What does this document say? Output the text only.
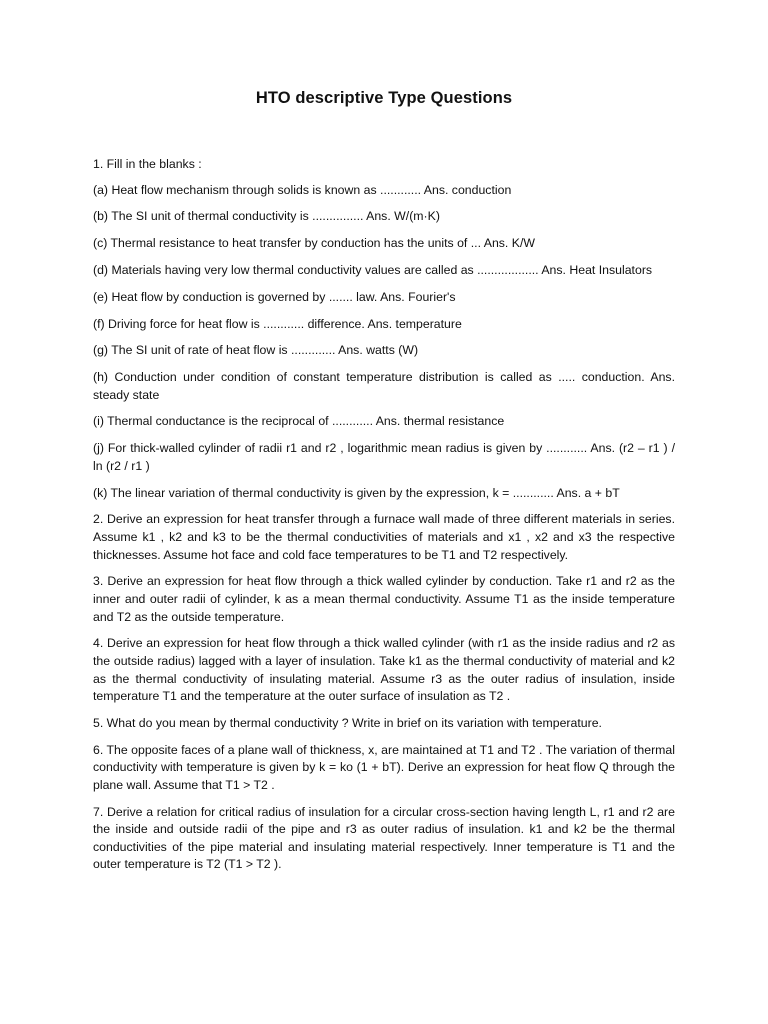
HTO descriptive Type Questions

1. Fill in the blanks :

(a) Heat flow mechanism through solids is known as ............ Ans. conduction

(b) The SI unit of thermal conductivity is ............... Ans. W/(m·K)

(c) Thermal resistance to heat transfer by conduction has the units of ... Ans. K/W

(d) Materials having very low thermal conductivity values are called as .................. Ans. Heat Insulators

(e) Heat flow by conduction is governed by ....... law. Ans. Fourier's

(f) Driving force for heat flow is ............ difference. Ans. temperature

(g) The SI unit of rate of heat flow is ............. Ans. watts (W)

(h) Conduction under condition of constant temperature distribution is called as ..... conduction. Ans. steady state

(i) Thermal conductance is the reciprocal of ............ Ans. thermal resistance

(j) For thick-walled cylinder of radii r1 and r2 , logarithmic mean radius is given by ............ Ans. (r2 – r1 ) / ln (r2 / r1 )

(k) The linear variation of thermal conductivity is given by the expression, k = ............ Ans. a + bT

2. Derive an expression for heat transfer through a furnace wall made of three different materials in series. Assume k1 , k2 and k3 to be the thermal conductivities of materials and x1 , x2 and x3 the respective thicknesses. Assume hot face and cold face temperatures to be T1 and T2 respectively.

3. Derive an expression for heat flow through a thick walled cylinder by conduction. Take r1 and r2 as the inner and outer radii of cylinder, k as a mean thermal conductivity. Assume T1 as the inside temperature and T2 as the outside temperature.

4. Derive an expression for heat flow through a thick walled cylinder (with r1 as the inside radius and r2 as the outside radius) lagged with a layer of insulation. Take k1 as the thermal conductivity of material and k2 as the thermal conductivity of insulating material. Assume r3 as the outer radius of insulation, inside temperature T1 and the temperature at the outer surface of insulation as T2 .

5. What do you mean by thermal conductivity ? Write in brief on its variation with temperature.

6. The opposite faces of a plane wall of thickness, x, are maintained at T1 and T2 . The variation of thermal conductivity with temperature is given by k = ko (1 + bT). Derive an expression for heat flow Q through the plane wall. Assume that T1 > T2 .

7. Derive a relation for critical radius of insulation for a circular cross-section having length L, r1 and r2 are the inside and outside radii of the pipe and r3 as outer radius of insulation. k1 and k2 be the thermal conductivities of the pipe material and insulating material respectively. Inner temperature is T1 and the outer temperature is T2 (T1 > T2 ).
